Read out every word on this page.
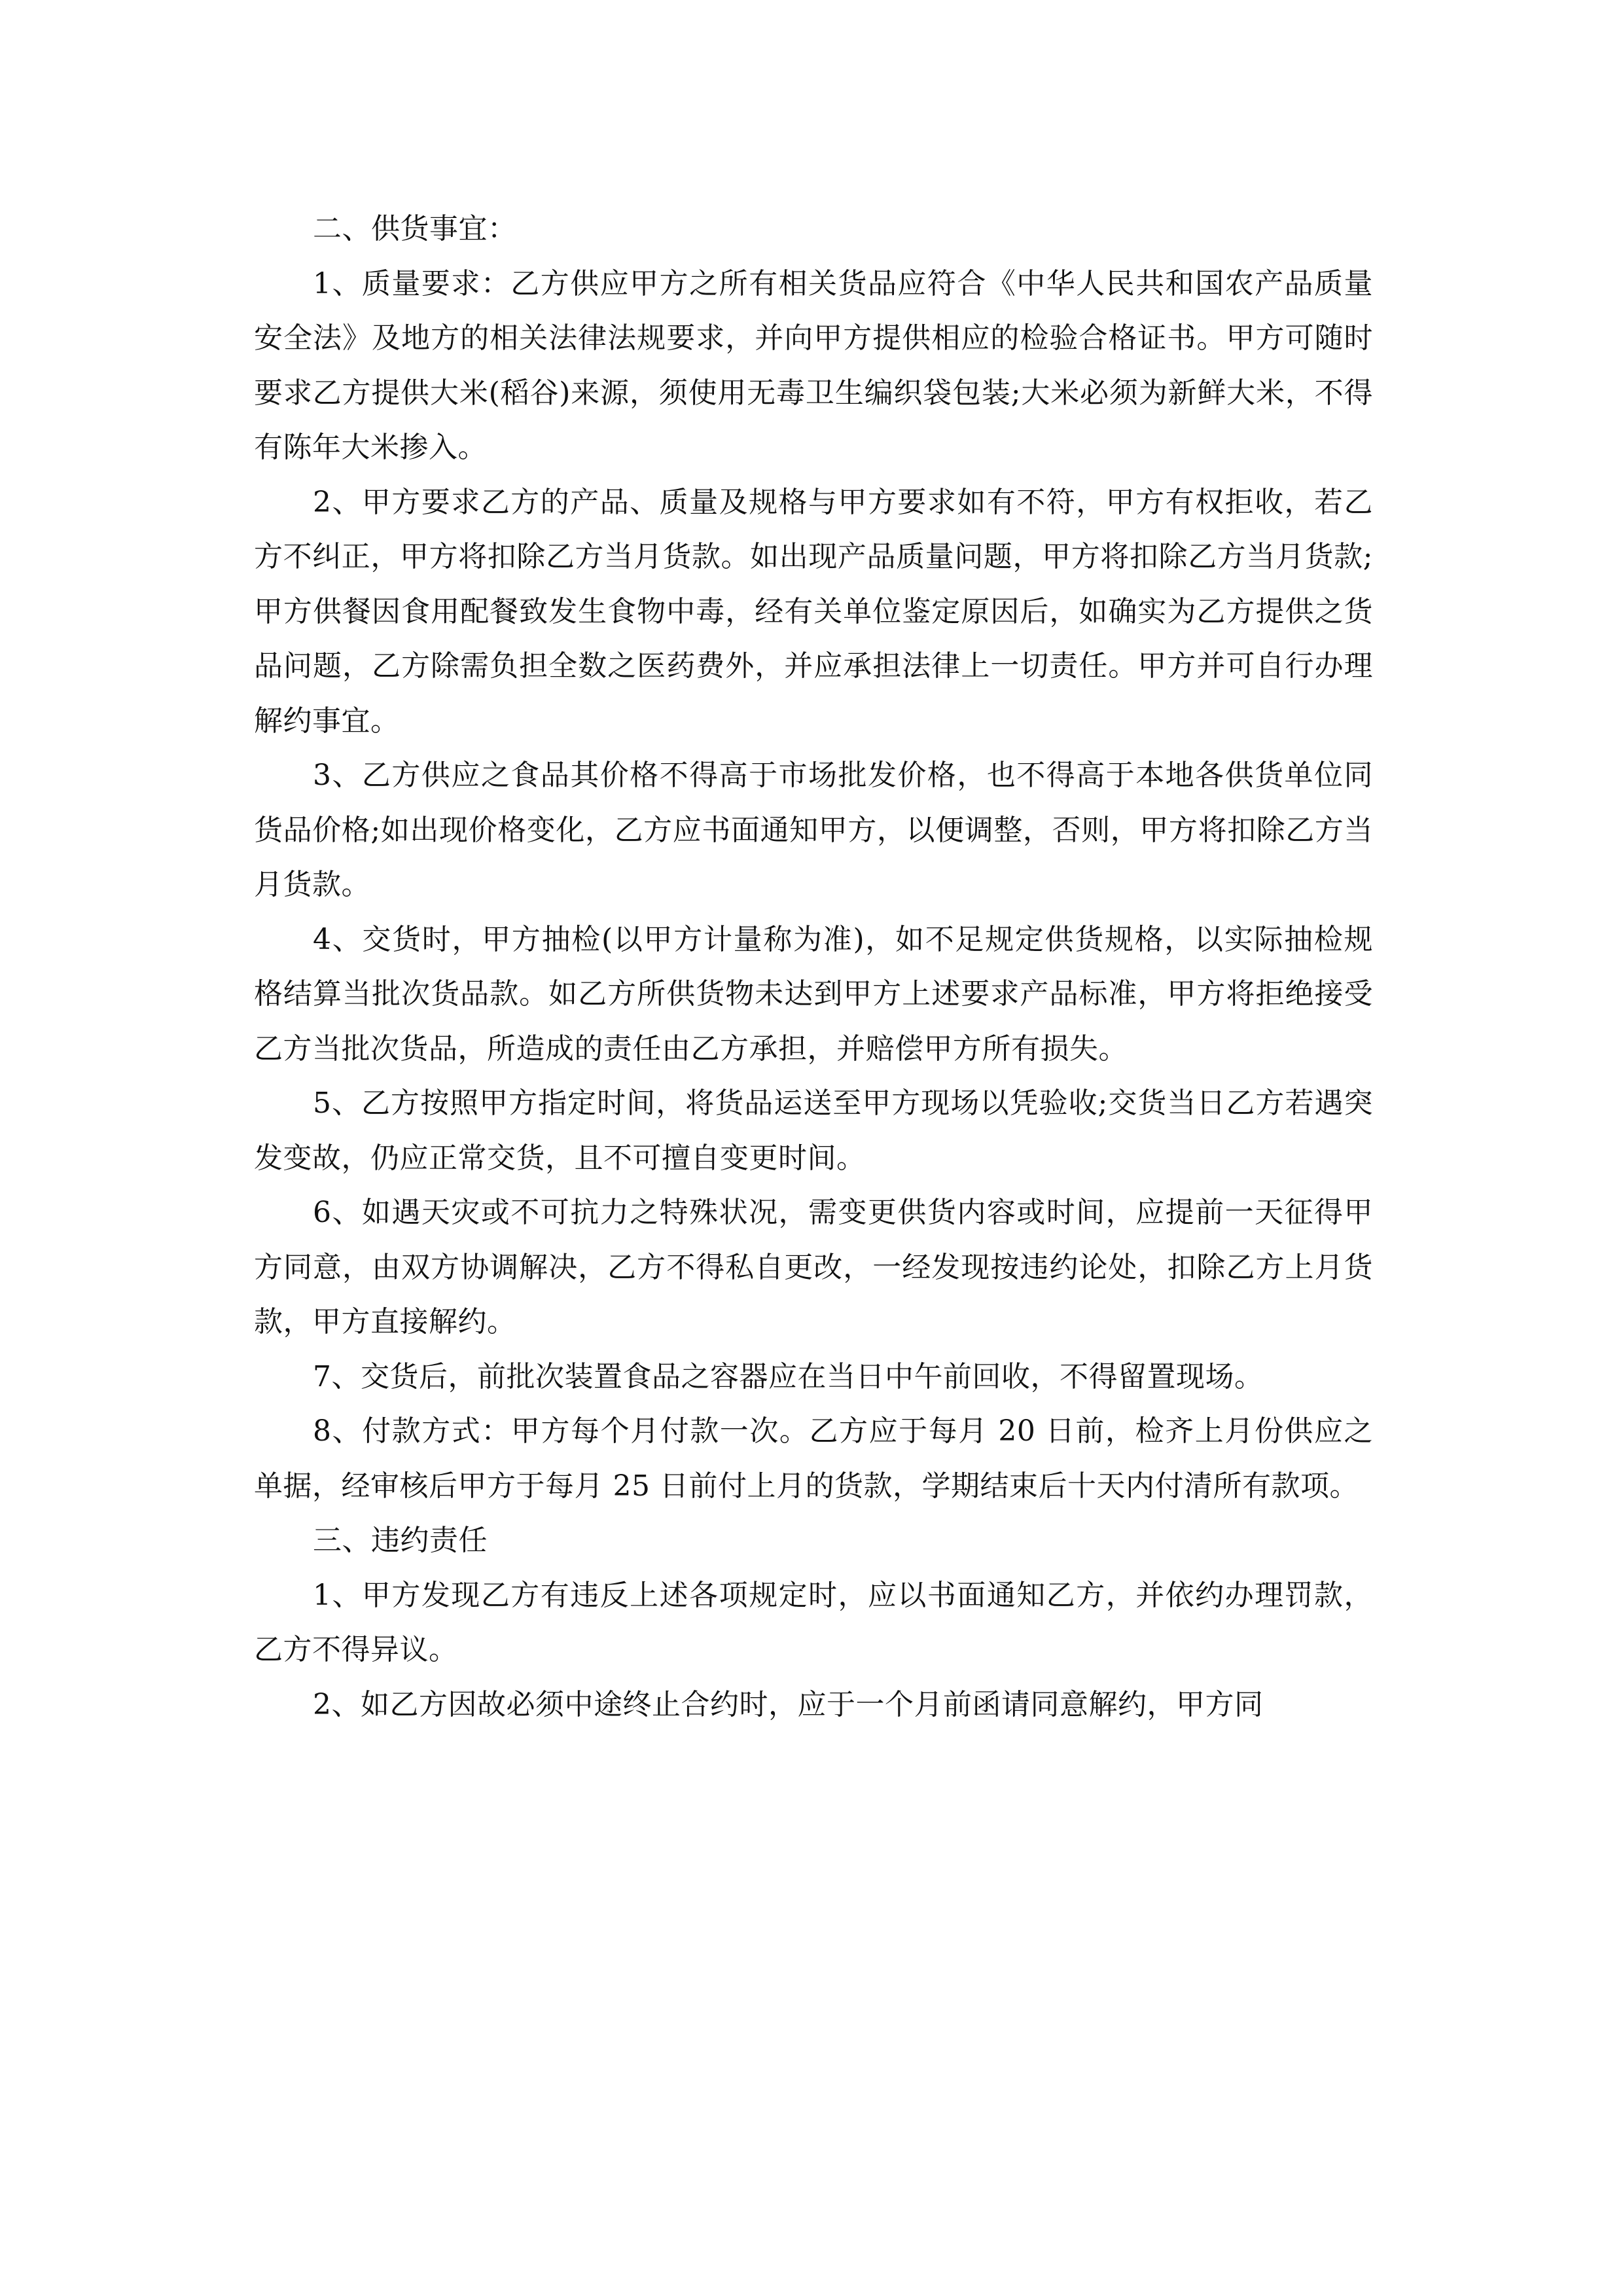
二、供货事宜：

1、质量要求：乙方供应甲方之所有相关货品应符合《中华人民共和国农产品质量安全法》及地方的相关法律法规要求，并向甲方提供相应的检验合格证书。甲方可随时要求乙方提供大米(稻谷)来源，须使用无毒卫生编织袋包装;大米必须为新鲜大米，不得有陈年大米掺入。

2、甲方要求乙方的产品、质量及规格与甲方要求如有不符，甲方有权拒收，若乙方不纠正，甲方将扣除乙方当月货款。如出现产品质量问题，甲方将扣除乙方当月货款;甲方供餐因食用配餐致发生食物中毒，经有关单位鉴定原因后，如确实为乙方提供之货品问题，乙方除需负担全数之医药费外，并应承担法律上一切责任。甲方并可自行办理解约事宜。

3、乙方供应之食品其价格不得高于市场批发价格，也不得高于本地各供货单位同货品价格;如出现价格变化，乙方应书面通知甲方，以便调整，否则，甲方将扣除乙方当月货款。

4、交货时，甲方抽检(以甲方计量称为准)，如不足规定供货规格，以实际抽检规格结算当批次货品款。如乙方所供货物未达到甲方上述要求产品标准，甲方将拒绝接受乙方当批次货品，所造成的责任由乙方承担，并赔偿甲方所有损失。

5、乙方按照甲方指定时间，将货品运送至甲方现场以凭验收;交货当日乙方若遇突发变故，仍应正常交货，且不可擅自变更时间。

6、如遇天灾或不可抗力之特殊状况，需变更供货内容或时间，应提前一天征得甲方同意，由双方协调解决，乙方不得私自更改，一经发现按违约论处，扣除乙方上月货款，甲方直接解约。

7、交货后，前批次装置食品之容器应在当日中午前回收，不得留置现场。

8、付款方式：甲方每个月付款一次。乙方应于每月 20 日前，检齐上月份供应之单据，经审核后甲方于每月 25 日前付上月的货款，学期结束后十天内付清所有款项。

三、违约责任

1、甲方发现乙方有违反上述各项规定时，应以书面通知乙方，并依约办理罚款，乙方不得异议。

2、如乙方因故必须中途终止合约时，应于一个月前函请同意解约，甲方同
